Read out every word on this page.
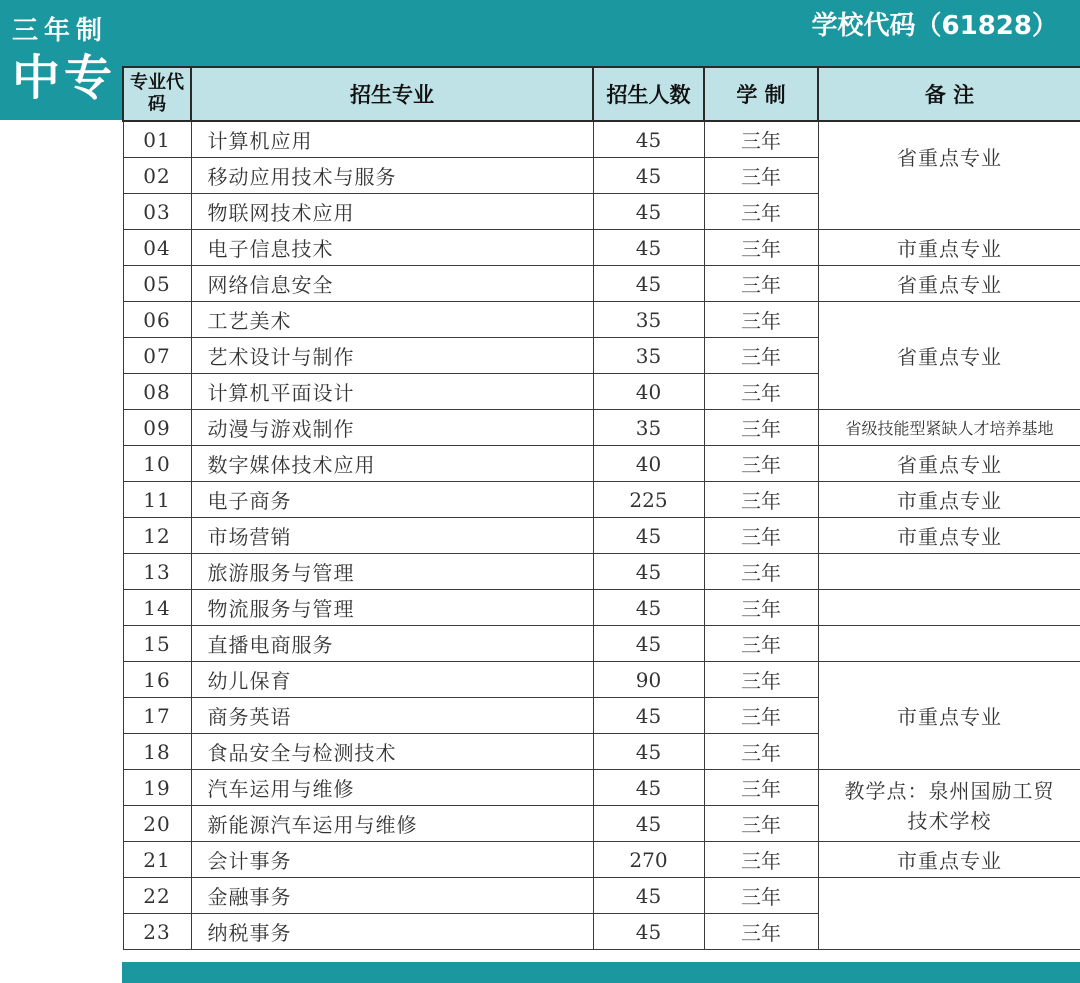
三年制
中专
学校代码（61828）
专业代码	招生专业	招生人数	学 制	备 注
01	计算机应用	45	三年	省重点专业
02	移动应用技术与服务	45	三年	
03	物联网技术应用	45	三年	
04	电子信息技术	45	三年	市重点专业
05	网络信息安全	45	三年	省重点专业
06	工艺美术	35	三年	省重点专业
07	艺术设计与制作	35	三年	
08	计算机平面设计	40	三年	
09	动漫与游戏制作	35	三年	省级技能型紧缺人才培养基地
10	数字媒体技术应用	40	三年	省重点专业
11	电子商务	225	三年	市重点专业
12	市场营销	45	三年	市重点专业
13	旅游服务与管理	45	三年	
14	物流服务与管理	45	三年	
15	直播电商服务	45	三年	
16	幼儿保育	90	三年	市重点专业
17	商务英语	45	三年	
18	食品安全与检测技术	45	三年	
19	汽车运用与维修	45	三年	教学点：泉州国励工贸
技术学校

20	新能源汽车运用与维修	45	三年	
21	会计事务	270	三年	市重点专业
22	金融事务	45	三年	
23	纳税事务	45	三年	
